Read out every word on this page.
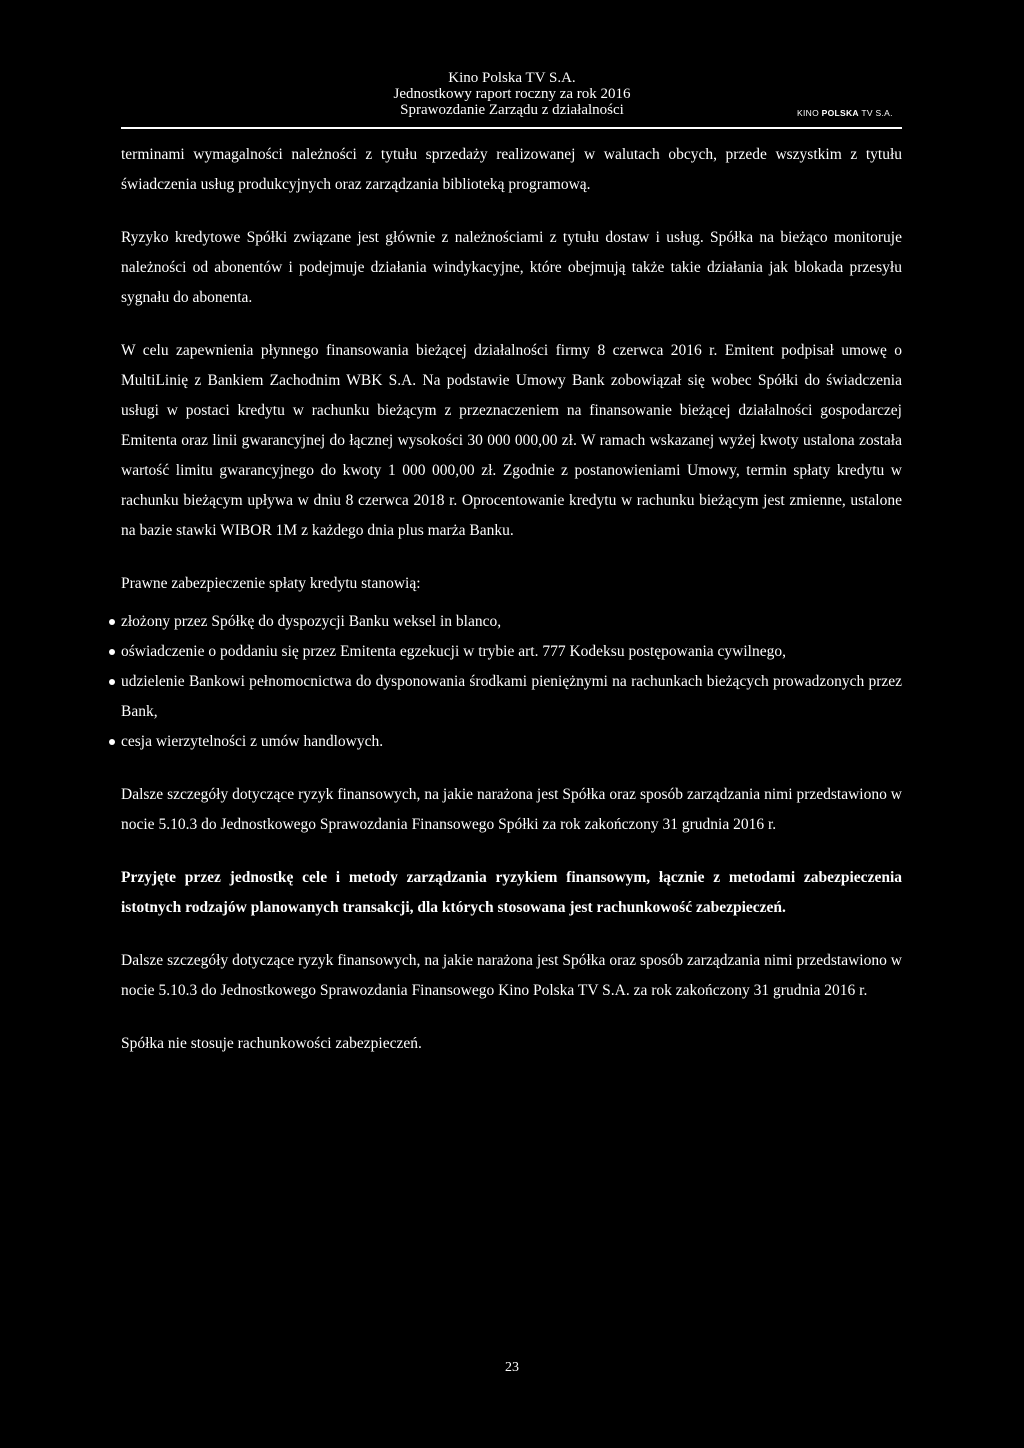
Kino Polska TV S.A.
Jednostkowy raport roczny za rok 2016
Sprawozdanie Zarządu z działalności	KINO POLSKA TV S.A.

terminami wymagalności należności z tytułu sprzedaży realizowanej w walutach obcych, przede wszystkim z tytułu świadczenia usług produkcyjnych oraz zarządzania biblioteką programową.

Ryzyko kredytowe Spółki związane jest głównie z należnościami z tytułu dostaw i usług. Spółka na bieżąco monitoruje należności od abonentów i podejmuje działania windykacyjne, które obejmują także takie działania jak blokada przesyłu sygnału do abonenta.

W celu zapewnienia płynnego finansowania bieżącej działalności firmy 8 czerwca 2016 r. Emitent podpisał umowę o MultiLinię z Bankiem Zachodnim WBK S.A. Na podstawie Umowy Bank zobowiązał się wobec Spółki do świadczenia usługi w postaci kredytu w rachunku bieżącym z przeznaczeniem na finansowanie bieżącej działalności gospodarczej Emitenta oraz linii gwarancyjnej do łącznej wysokości 30 000 000,00 zł. W ramach wskazanej wyżej kwoty ustalona została wartość limitu gwarancyjnego do kwoty 1 000 000,00 zł. Zgodnie z postanowieniami Umowy, termin spłaty kredytu w rachunku bieżącym upływa w dniu 8 czerwca 2018 r. Oprocentowanie kredytu w rachunku bieżącym jest zmienne, ustalone na bazie stawki WIBOR 1M z każdego dnia plus marża Banku.

Prawne zabezpieczenie spłaty kredytu stanowią:

złożony przez Spółkę do dyspozycji Banku weksel in blanco,
oświadczenie o poddaniu się przez Emitenta egzekucji w trybie art. 777 Kodeksu postępowania cywilnego,
udzielenie Bankowi pełnomocnictwa do dysponowania środkami pieniężnymi na rachunkach bieżących prowadzonych przez Bank,
cesja wierzytelności z umów handlowych.

Dalsze szczegóły dotyczące ryzyk finansowych, na jakie narażona jest Spółka oraz sposób zarządzania nimi przedstawiono w nocie 5.10.3 do Jednostkowego Sprawozdania Finansowego Spółki za rok zakończony 31 grudnia 2016 r.

Przyjęte przez jednostkę cele i metody zarządzania ryzykiem finansowym, łącznie z metodami zabezpieczenia istotnych rodzajów planowanych transakcji, dla których stosowana jest rachunkowość zabezpieczeń.

Dalsze szczegóły dotyczące ryzyk finansowych, na jakie narażona jest Spółka oraz sposób zarządzania nimi przedstawiono w nocie 5.10.3 do Jednostkowego Sprawozdania Finansowego Kino Polska TV S.A. za rok zakończony 31 grudnia 2016 r.

Spółka nie stosuje rachunkowości zabezpieczeń.

23
